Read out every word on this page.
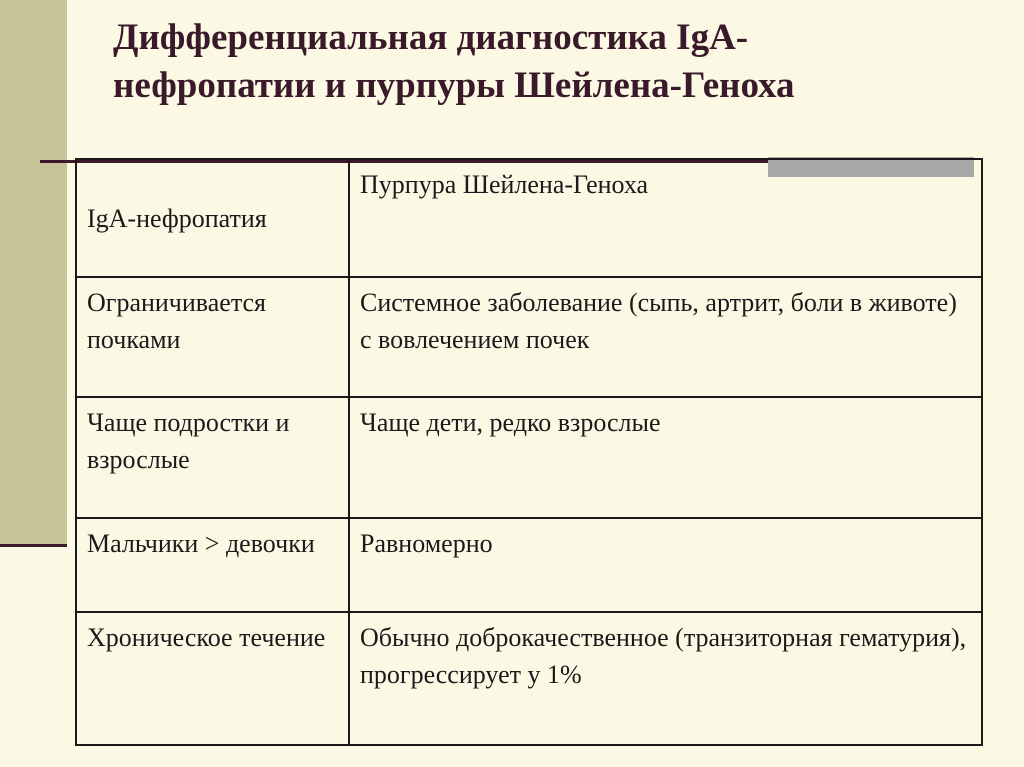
Дифференциальная диагностика IgA-
нефропатии и пурпуры Шейлена-Геноха
IgA-нефропатия	Пурпура Шейлена-Геноха
Ограничивается почками	Системное заболевание (сыпь, артрит, боли в животе) с вовлечением почек
Чаще подростки и взрослые	Чаще дети, редко взрослые
Мальчики > девочки	Равномерно
Хроническое течение	Обычно доброкачественное (транзиторная гематурия), прогрессирует у 1%
